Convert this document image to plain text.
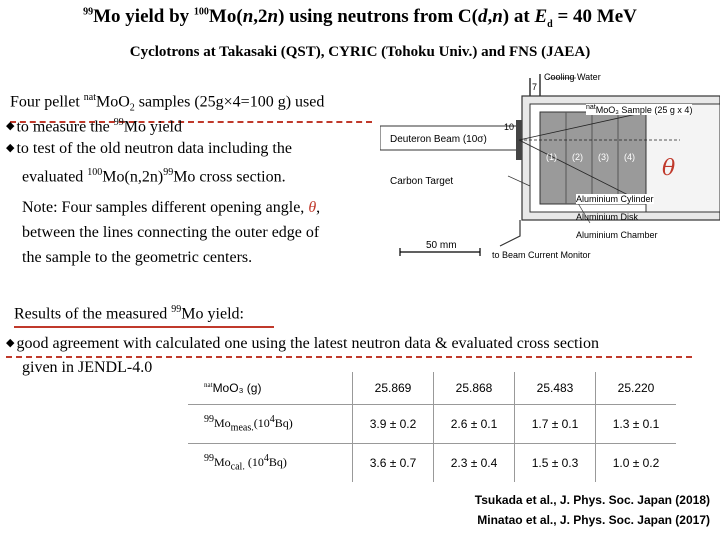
$^{99}$Mo yield by $^{100}$Mo(n,2n) using neutrons from C(d,n) at $E_d = 40$ MeV
Cyclotrons at Takasaki (QST), CYRIC (Tohoku Univ.) and FNS (JAEA)
Four pellet $^{nat}$MoO$_2$ samples (25g×4=100 g) used
◆ to measure the $^{99}$Mo yield
◆ to test of the old neutron data including the
evaluated $^{100}Mo(n,2n)^{99}Mo$ cross section.
Note: Four samples different opening angle, θ,
between the lines connecting the outer edge of
the sample to the geometric centers.
Results of the measured $^{99}$Mo yield:
◆ good agreement with calculated one using the latest neutron data & evaluated cross section
given in JENDL-4.0
Cooling Water
$^{nat}$MoO₃ Sample (25 g x 4)
Deuteron Beam (10σ)
Carbon Target
Aluminium Cylinder
Aluminium Disk
Aluminium Chamber
to Beam Current Monitor
50 mm
10
7
(1) (2) (3) (4) θ
$^{nat}$MoO₃ (g)	25.869	25.868	25.483	25.220
$^{99}Mo_{meas.}(10^4Bq)$	3.9 ± 0.2	2.6 ± 0.1	1.7 ± 0.1	1.3 ± 0.1
$^{99}Mo_{cal.}$ $(10^4Bq)$	3.6 ± 0.7	2.3 ± 0.4	1.5 ± 0.3	1.0 ± 0.2
Tsukada et al., J. Phys. Soc. Japan (2018)
Minatao et al., J. Phys. Soc. Japan (2017)
